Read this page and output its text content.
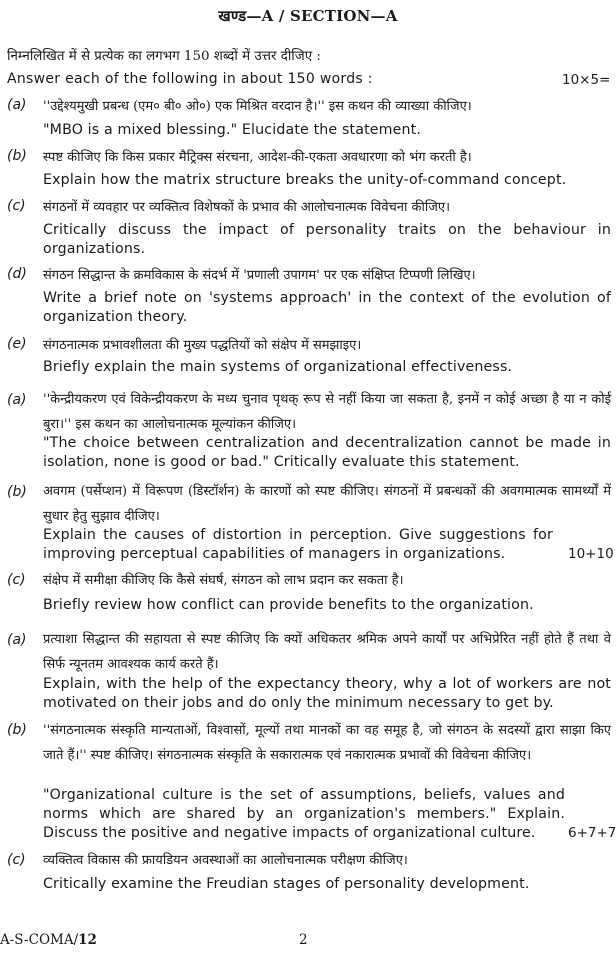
खण्ड—A / SECTION—A
निम्नलिखित में से प्रत्येक का लगभग 150 शब्दों में उत्तर दीजिए :
Answer each of the following in about 150 words :	10×5=
(a) ''उद्देश्यमुखी प्रबन्ध (एम० बी० ओ०) एक मिश्रित वरदान है।'' इस कथन की व्याख्या कीजिए।
"MBO is a mixed blessing." Elucidate the statement.
(b) स्पष्ट कीजिए कि किस प्रकार मैट्रिक्स संरचना, आदेश-की-एकता अवधारणा को भंग करती है।
Explain how the matrix structure breaks the unity-of-command concept.
(c) संगठनों में व्यवहार पर व्यक्तित्व विशेषकों के प्रभाव की आलोचनात्मक विवेचना कीजिए।
Critically discuss the impact of personality traits on the behaviour in organizations.
(d) संगठन सिद्धान्त के क्रमविकास के संदर्भ में 'प्रणाली उपागम' पर एक संक्षिप्त टिप्पणी लिखिए।
Write a brief note on 'systems approach' in the context of the evolution of organization theory.
(e) संगठनात्मक प्रभावशीलता की मुख्य पद्धतियों को संक्षेप में समझाइए।
Briefly explain the main systems of organizational effectiveness.
(a) ''केन्द्रीयकरण एवं विकेन्द्रीयकरण के मध्य चुनाव पृथक् रूप से नहीं किया जा सकता है, इनमें न कोई अच्छा है या न कोई बुरा।'' इस कथन का आलोचनात्मक मूल्यांकन कीजिए।
"The choice between centralization and decentralization cannot be made in isolation, none is good or bad." Critically evaluate this statement.
(b) अवगम (पर्सेप्शन) में विरूपण (डिस्टॉर्शन) के कारणों को स्पष्ट कीजिए। संगठनों में प्रबन्धकों की अवगमात्मक सामर्थ्यों में सुधार हेतु सुझाव दीजिए।
Explain the causes of distortion in perception. Give suggestions for improving perceptual capabilities of managers in organizations.	10+10
(c) संक्षेप में समीक्षा कीजिए कि कैसे संघर्ष, संगठन को लाभ प्रदान कर सकता है।
Briefly review how conflict can provide benefits to the organization.
(a) प्रत्याशा सिद्धान्त की सहायता से स्पष्ट कीजिए कि क्यों अधिकतर श्रमिक अपने कार्यों पर अभिप्रेरित नहीं होते हैं तथा वे सिर्फ न्यूनतम आवश्यक कार्य करते हैं।
Explain, with the help of the expectancy theory, why a lot of workers are not motivated on their jobs and do only the minimum necessary to get by.
(b) ''संगठनात्मक संस्कृति मान्यताओं, विश्वासों, मूल्यों तथा मानकों का वह समूह है, जो संगठन के सदस्यों द्वारा साझा किए जाते हैं।'' स्पष्ट कीजिए। संगठनात्मक संस्कृति के सकारात्मक एवं नकारात्मक प्रभावों की विवेचना कीजिए।
"Organizational culture is the set of assumptions, beliefs, values and norms which are shared by an organization's members." Explain. Discuss the positive and negative impacts of organizational culture.	6+7+7
(c) व्यक्तित्व विकास की फ्रायडियन अवस्थाओं का आलोचनात्मक परीक्षण कीजिए।
Critically examine the Freudian stages of personality development.
A-S-COMA/12	2
